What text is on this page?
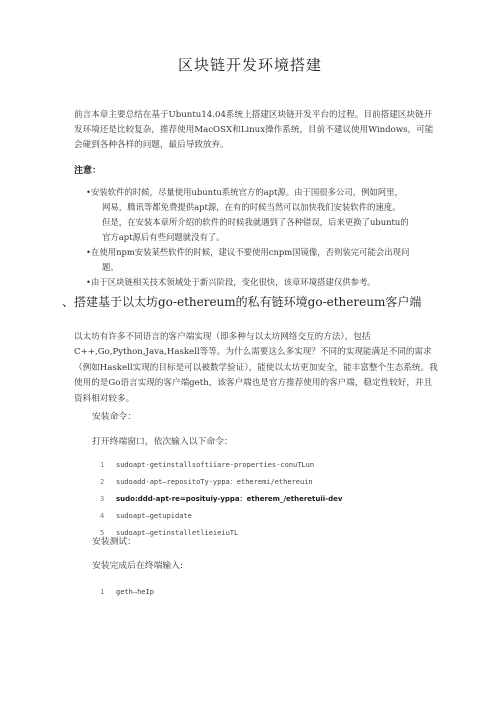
区块链开发环境搭建
前言本章主要总结在基于Ubuntu14.04系统上搭建区块链开发平台的过程。目前搭建区块链开发环境还是比较复杂，推荐使用MacOSX和Linux操作系统，目前不建议使用Windows，可能会碰到各种各样的问题，最后导致放弃。
注意：
•安装软件的时候，尽量使用ubuntu系统官方的apt源。由于国很多公司，例如阿里，
网易，腾讯等都免费提供apt源，在有的时候当然可以加快我们安装软件的速度。
但是，在安装本章所介绍的软件的时候我就遇到了各种错误，后来更换了ubuntu的
官方apt源后有些问题就没有了。
•在使用npm安装某些软件的时候，建议不要使用cnpm国镜像，否则装完可能会出现问
题。
•由于区块链相关技术领域处于新兴阶段，变化很快，该章环境搭建仅供参考。
、搭建基于以太坊go-ethereum的私有链环境go-ethereum客户端
以太坊有许多不同语言的客户端实现（即多种与以太坊网络交互的方法），包括C++,Go,Python,Java,Haskell等等。为什么需要这么多实现？不同的实现能满足不同的需求（例如Haskell实现的目标是可以被数学验证），能使以太坊更加安全，能丰富整个生态系统。我使用的是Go语言实现的客户端geth，该客户端也是官方推荐使用的客户端，稳定性较好，并且资料相对较多。
安装命令：
打开终端窗口，依次输入以下命令：
1	sudoapt-getinstallsoftiiare-properties-conuTLun
2	sudoadd-apt—repositoTy-yppa：etheremi/ethereuin
3	sudo:ddd-apt-re=posituiy-yppa：etherem_/etheretuii-dev
4	sudoapt—getupidate
5	sudoapt—getinstalletlieieiuTL
安装测试：
安装完成后在终端输入:
1	geth—heIp
